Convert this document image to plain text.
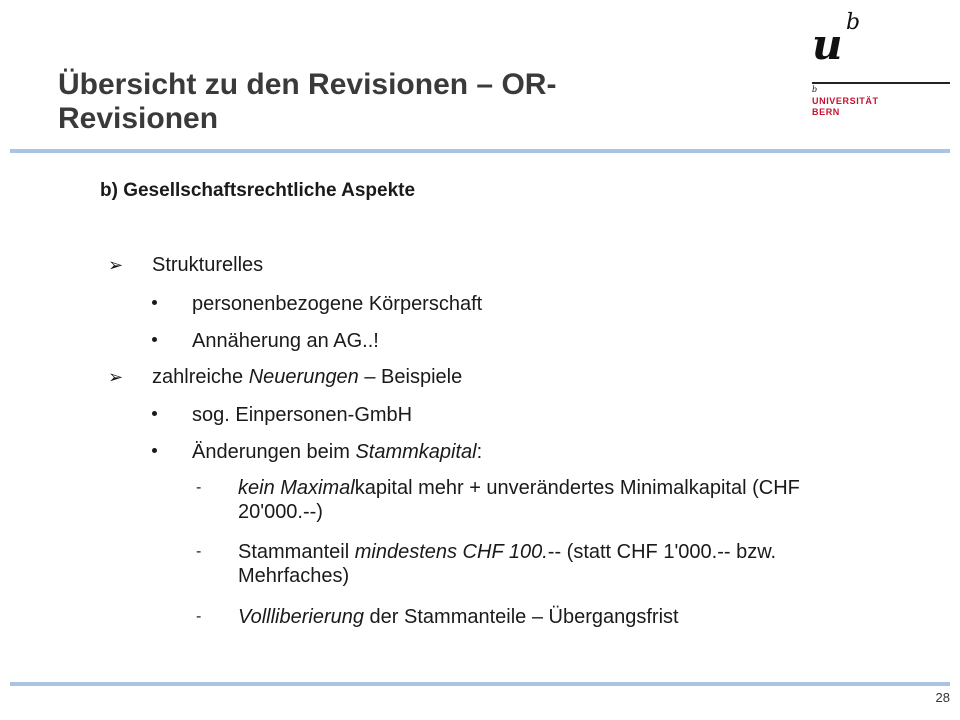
Übersicht zu den Revisionen – OR-
Revisionen
u b
b
UNIVERSITÄT
BERN
b) Gesellschaftsrechtliche Aspekte
➢ Strukturelles
personenbezogene Körperschaft
Annäherung an AG..!
➢ zahlreiche Neuerungen – Beispiele
sog. Einpersonen-GmbH
Änderungen beim Stammkapital:
- kein Maximalkapital mehr + unverändertes Minimalkapital (CHF 20'000.--)
- Stammanteil mindestens CHF 100.-- (statt CHF 1'000.-- bzw. Mehrfaches)
- Vollliberierung der Stammanteile – Übergangsfrist
28
